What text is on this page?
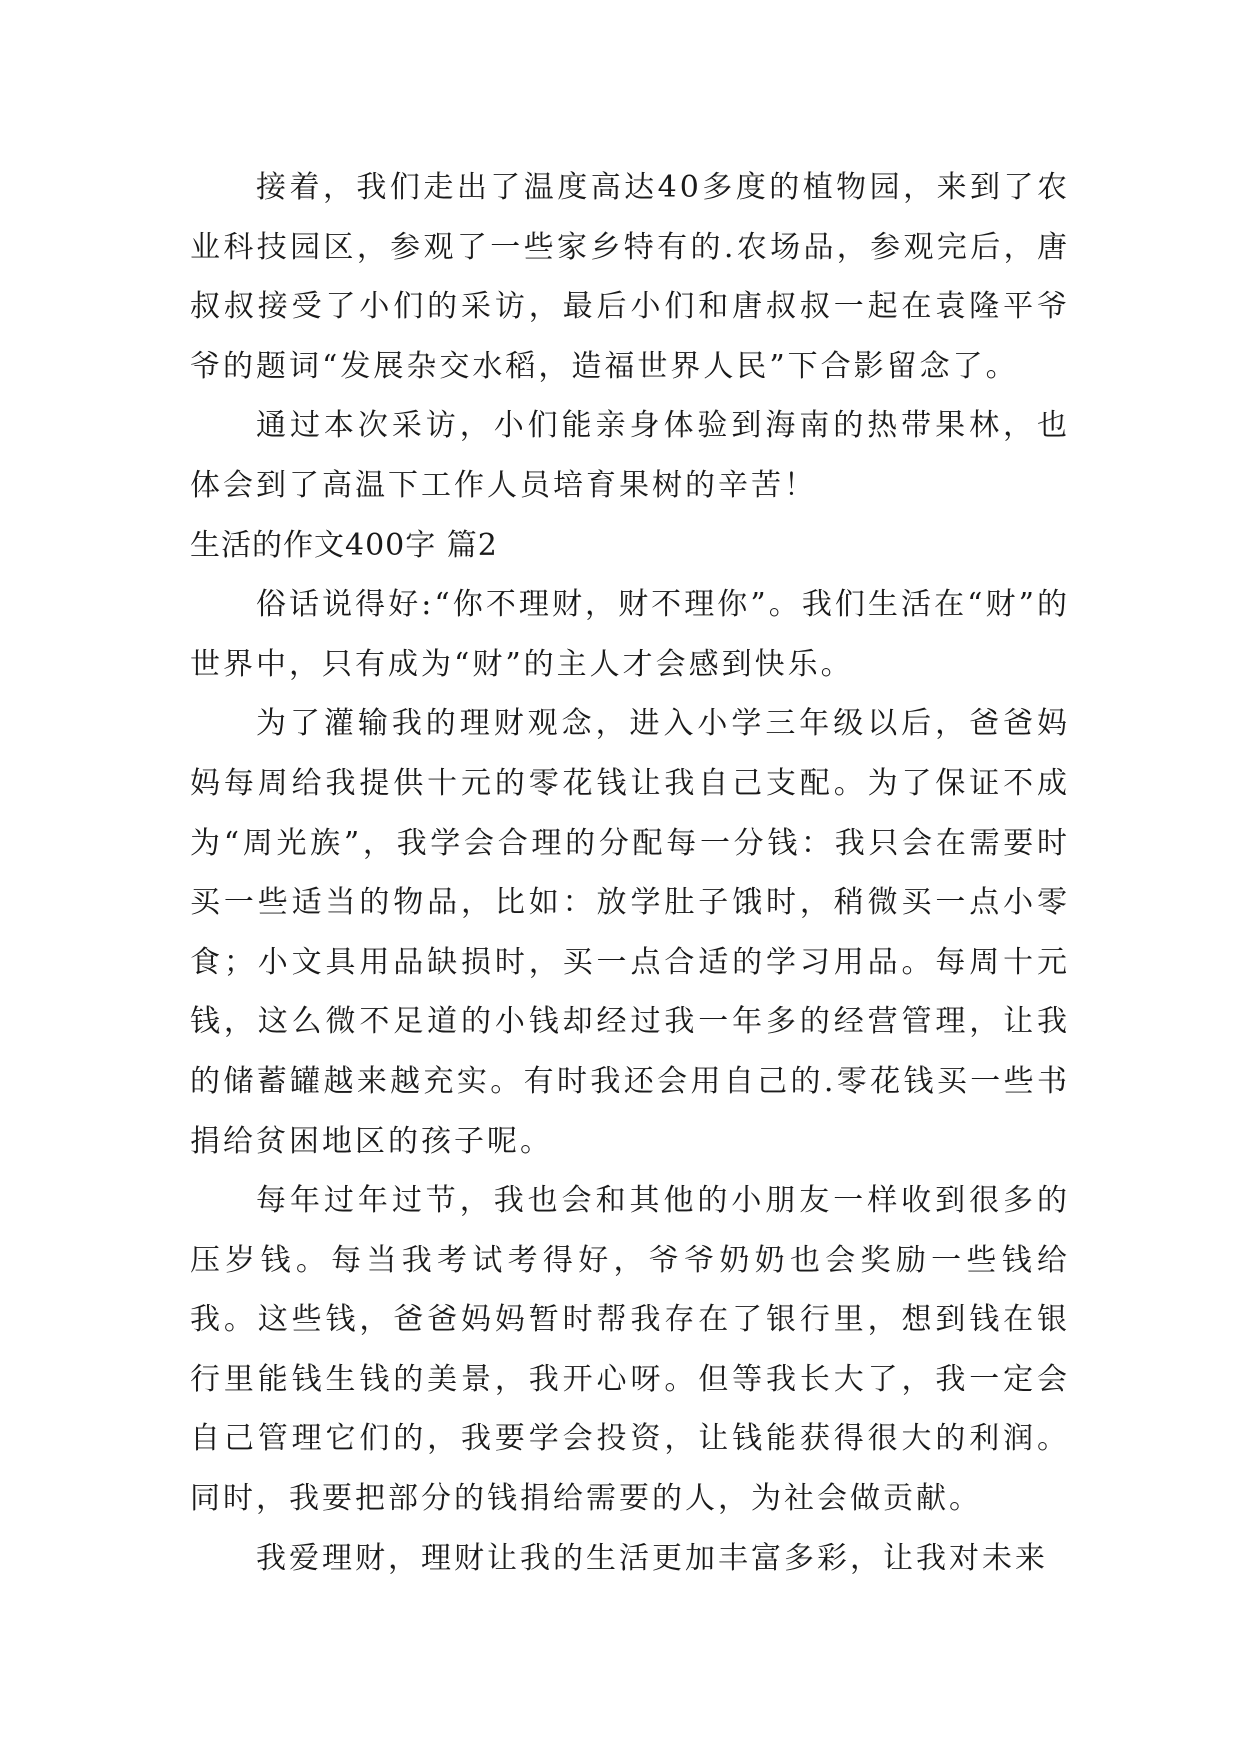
接着，我们走出了温度高达40多度的植物园，来到了农业科技园区，参观了一些家乡特有的.农场品，参观完后，唐叔叔接受了小们的采访，最后小们和唐叔叔一起在袁隆平爷爷的题词“发展杂交水稻，造福世界人民”下合影留念了。

通过本次采访，小们能亲身体验到海南的热带果林，也体会到了高温下工作人员培育果树的辛苦！

生活的作文400字 篇2

俗话说得好:“你不理财，财不理你”。我们生活在“财”的世界中，只有成为“财”的主人才会感到快乐。

为了灌输我的理财观念，进入小学三年级以后，爸爸妈妈每周给我提供十元的零花钱让我自己支配。为了保证不成为“周光族”，我学会合理的分配每一分钱：我只会在需要时买一些适当的物品，比如：放学肚子饿时，稍微买一点小零食；小文具用品缺损时，买一点合适的学习用品。每周十元钱，这么微不足道的小钱却经过我一年多的经营管理，让我的储蓄罐越来越充实。有时我还会用自己的.零花钱买一些书捐给贫困地区的孩子呢。

每年过年过节，我也会和其他的小朋友一样收到很多的压岁钱。每当我考试考得好，爷爷奶奶也会奖励一些钱给我。这些钱，爸爸妈妈暂时帮我存在了银行里，想到钱在银行里能钱生钱的美景，我开心呀。但等我长大了，我一定会自己管理它们的，我要学会投资，让钱能获得很大的利润。同时，我要把部分的钱捐给需要的人，为社会做贡献。

我爱理财，理财让我的生活更加丰富多彩，让我对未来
